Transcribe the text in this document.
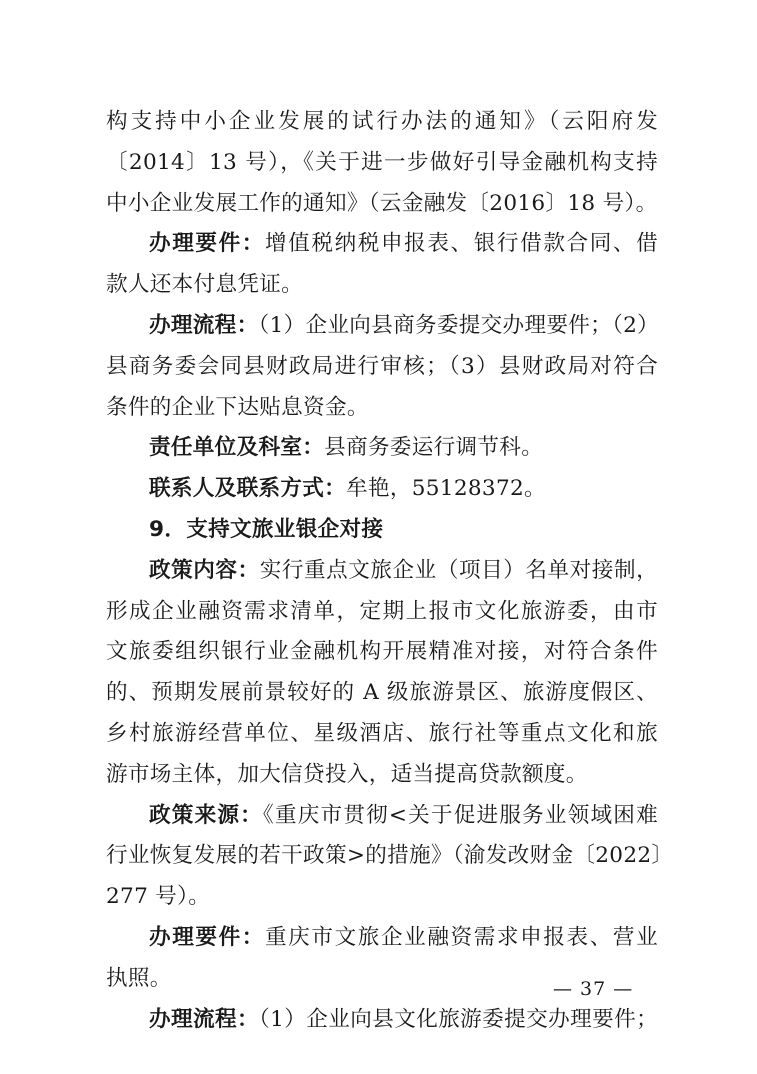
构支持中小企业发展的试行办法的通知》（云阳府发
〔2014〕13 号），《关于进一步做好引导金融机构支持
中小企业发展工作的通知》（云金融发〔2016〕18 号）。
办理要件：增值税纳税申报表、银行借款合同、借
款人还本付息凭证。
办理流程：（1）企业向县商务委提交办理要件；（2）
县商务委会同县财政局进行审核；（3）县财政局对符合
条件的企业下达贴息资金。
责任单位及科室：县商务委运行调节科。
联系人及联系方式：牟艳，55128372。
9．支持文旅业银企对接
政策内容：实行重点文旅企业（项目）名单对接制，
形成企业融资需求清单，定期上报市文化旅游委，由市
文旅委组织银行业金融机构开展精准对接，对符合条件
的、预期发展前景较好的 A 级旅游景区、旅游度假区、
乡村旅游经营单位、星级酒店、旅行社等重点文化和旅
游市场主体，加大信贷投入，适当提高贷款额度。
政策来源：《重庆市贯彻<关于促进服务业领域困难
行业恢复发展的若干政策>的措施》（渝发改财金〔2022〕
277 号）。
办理要件：重庆市文旅企业融资需求申报表、营业
执照。
办理流程：（1）企业向县文化旅游委提交办理要件；
— 37 —
